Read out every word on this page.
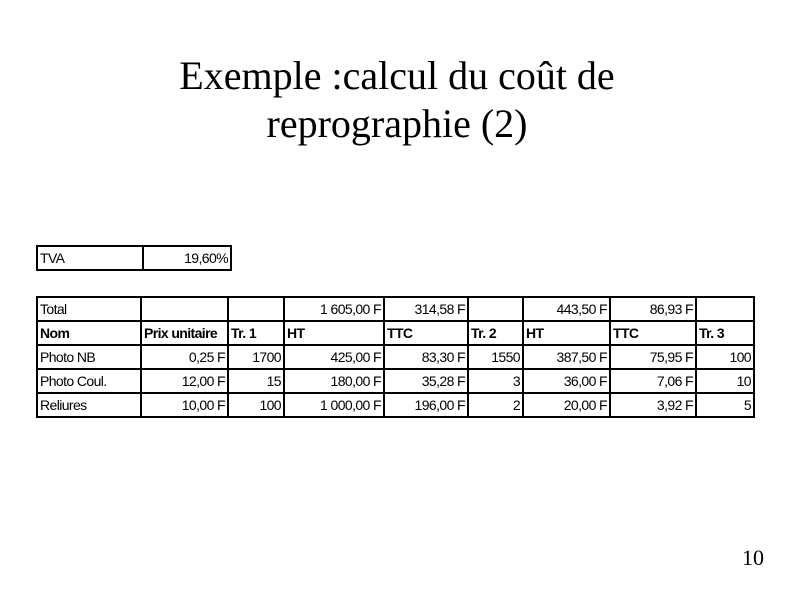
Exemple :calcul du coût de
reprographie (2)
TVA	19,60%
Total			1 605,00 F	314,58 F		443,50 F	86,93 F	
Nom	Prix unitaire	Tr. 1	HT	TTC	Tr. 2	HT	TTC	Tr. 3
Photo NB	0,25 F	1700	425,00 F	83,30 F	1550	387,50 F	75,95 F	100
Photo Coul.	12,00 F	15	180,00 F	35,28 F	3	36,00 F	7,06 F	10
Reliures	10,00 F	100	1 000,00 F	196,00 F	2	20,00 F	3,92 F	5
10
